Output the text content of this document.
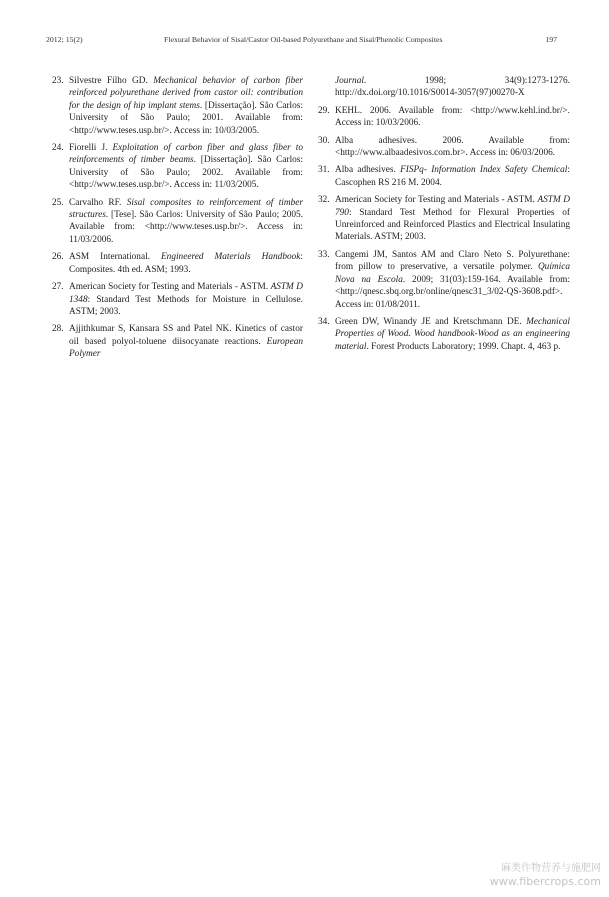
2012; 15(2)	Flexural Behavior of Sisal/Castor Oil-based Polyurethane and Sisal/Phenolic Composites	197

23. Silvestre Filho GD. Mechanical behavior of carbon fiber reinforced polyurethane derived from castor oil: contribution for the design of hip implant stems. [Dissertação]. São Carlos: University of São Paulo; 2001. Available from: <http://www.teses.usp.br/>. Access in: 10/03/2005.

24. Fiorelli J. Exploitation of carbon fiber and glass fiber to reinforcements of timber beams. [Dissertação]. São Carlos: University of São Paulo; 2002. Available from: <http://www.teses.usp.br/>. Access in: 11/03/2005.

25. Carvalho RF. Sisal composites to reinforcement of timber structures. [Tese]. São Carlos: University of São Paulo; 2005. Available from: <http://www.teses.usp.br/>. Access in: 11/03/2006.

26. ASM International. Engineered Materials Handbook: Composites. 4th ed. ASM; 1993.

27. American Society for Testing and Materials - ASTM. ASTM D 1348: Standard Test Methods for Moisture in Cellulose. ASTM; 2003.

28. Ajjithkumar S, Kansara SS and Patel NK. Kinetics of castor oil based polyol-toluene diisocyanate reactions. European Polymer

Journal. 1998; 34(9):1273-1276. http://dx.doi.org/10.1016/S0014-3057(97)00270-X

29. KEHL. 2006. Available from: <http://www.kehl.ind.br/>. Access in: 10/03/2006.

30. Alba adhesives. 2006. Available from: <http://www.albaadesivos.com.br>. Access in: 06/03/2006.

31. Alba adhesives. FISPq- Information Index Safety Chemical: Cascophen RS 216 M. 2004.

32. American Society for Testing and Materials - ASTM. ASTM D 790: Standard Test Method for Flexural Properties of Unreinforced and Reinforced Plastics and Electrical Insulating Materials. ASTM; 2003.

33. Cangemi JM, Santos AM and Claro Neto S. Polyurethane: from pillow to preservative, a versatile polymer. Química Nova na Escola. 2009; 31(03):159-164. Available from: <http://qnesc.sbq.org.br/online/qnesc31_3/02-QS-3608.pdf>. Access in: 01/08/2011.

34. Green DW, Winandy JE and Kretschmann DE. Mechanical Properties of Wood. Wood handbook-Wood as an engineering material. Forest Products Laboratory; 1999. Chapt. 4, 463 p.

麻类作物营养与施肥网
www.fibercrops.com
